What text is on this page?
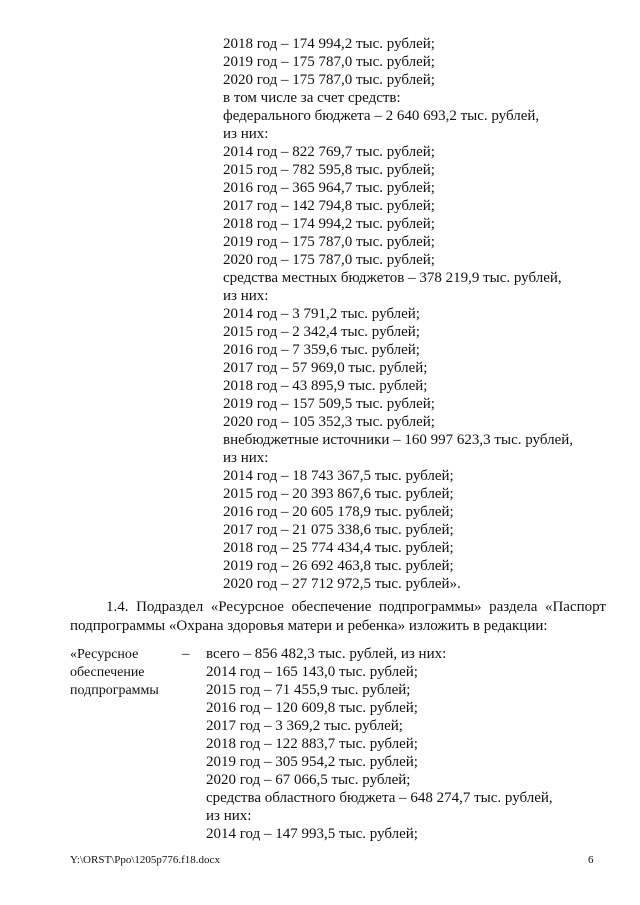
2018 год – 174 994,2 тыс. рублей;
2019 год – 175 787,0 тыс. рублей;
2020 год – 175 787,0 тыс. рублей;
в том числе за счет средств:
федерального бюджета – 2 640 693,2 тыс. рублей,
из них:
2014 год – 822 769,7 тыс. рублей;
2015 год – 782 595,8 тыс. рублей;
2016 год – 365 964,7 тыс. рублей;
2017 год – 142 794,8 тыс. рублей;
2018 год – 174 994,2 тыс. рублей;
2019 год – 175 787,0 тыс. рублей;
2020 год – 175 787,0 тыс. рублей;
средства местных бюджетов – 378 219,9 тыс. рублей,
из них:
2014 год – 3 791,2 тыс. рублей;
2015 год – 2 342,4 тыс. рублей;
2016 год – 7 359,6 тыс. рублей;
2017 год – 57 969,0 тыс. рублей;
2018 год – 43 895,9 тыс. рублей;
2019 год – 157 509,5 тыс. рублей;
2020 год – 105 352,3 тыс. рублей;
внебюджетные источники – 160 997 623,3 тыс. рублей,
из них:
2014 год – 18 743 367,5 тыс. рублей;
2015 год – 20 393 867,6 тыс. рублей;
2016 год – 20 605 178,9 тыс. рублей;
2017 год – 21 075 338,6 тыс. рублей;
2018 год – 25 774 434,4 тыс. рублей;
2019 год – 26 692 463,8 тыс. рублей;
2020 год – 27 712 972,5 тыс. рублей».
1.4. Подраздел «Ресурсное обеспечение подпрограммы» раздела «Паспорт подпрограммы «Охрана здоровья матери и ребенка» изложить в редакции:
«Ресурсное
обеспечение
подпрограммы
– всего – 856 482,3 тыс. рублей, из них:
2014 год – 165 143,0 тыс. рублей;
2015 год – 71 455,9 тыс. рублей;
2016 год – 120 609,8 тыс. рублей;
2017 год – 3 369,2 тыс. рублей;
2018 год – 122 883,7 тыс. рублей;
2019 год – 305 954,2 тыс. рублей;
2020 год – 67 066,5 тыс. рублей;
средства областного бюджета – 648 274,7 тыс. рублей,
из них:
2014 год – 147 993,5 тыс. рублей;
Y:\ORST\Ppo\1205p776.f18.docx	6
